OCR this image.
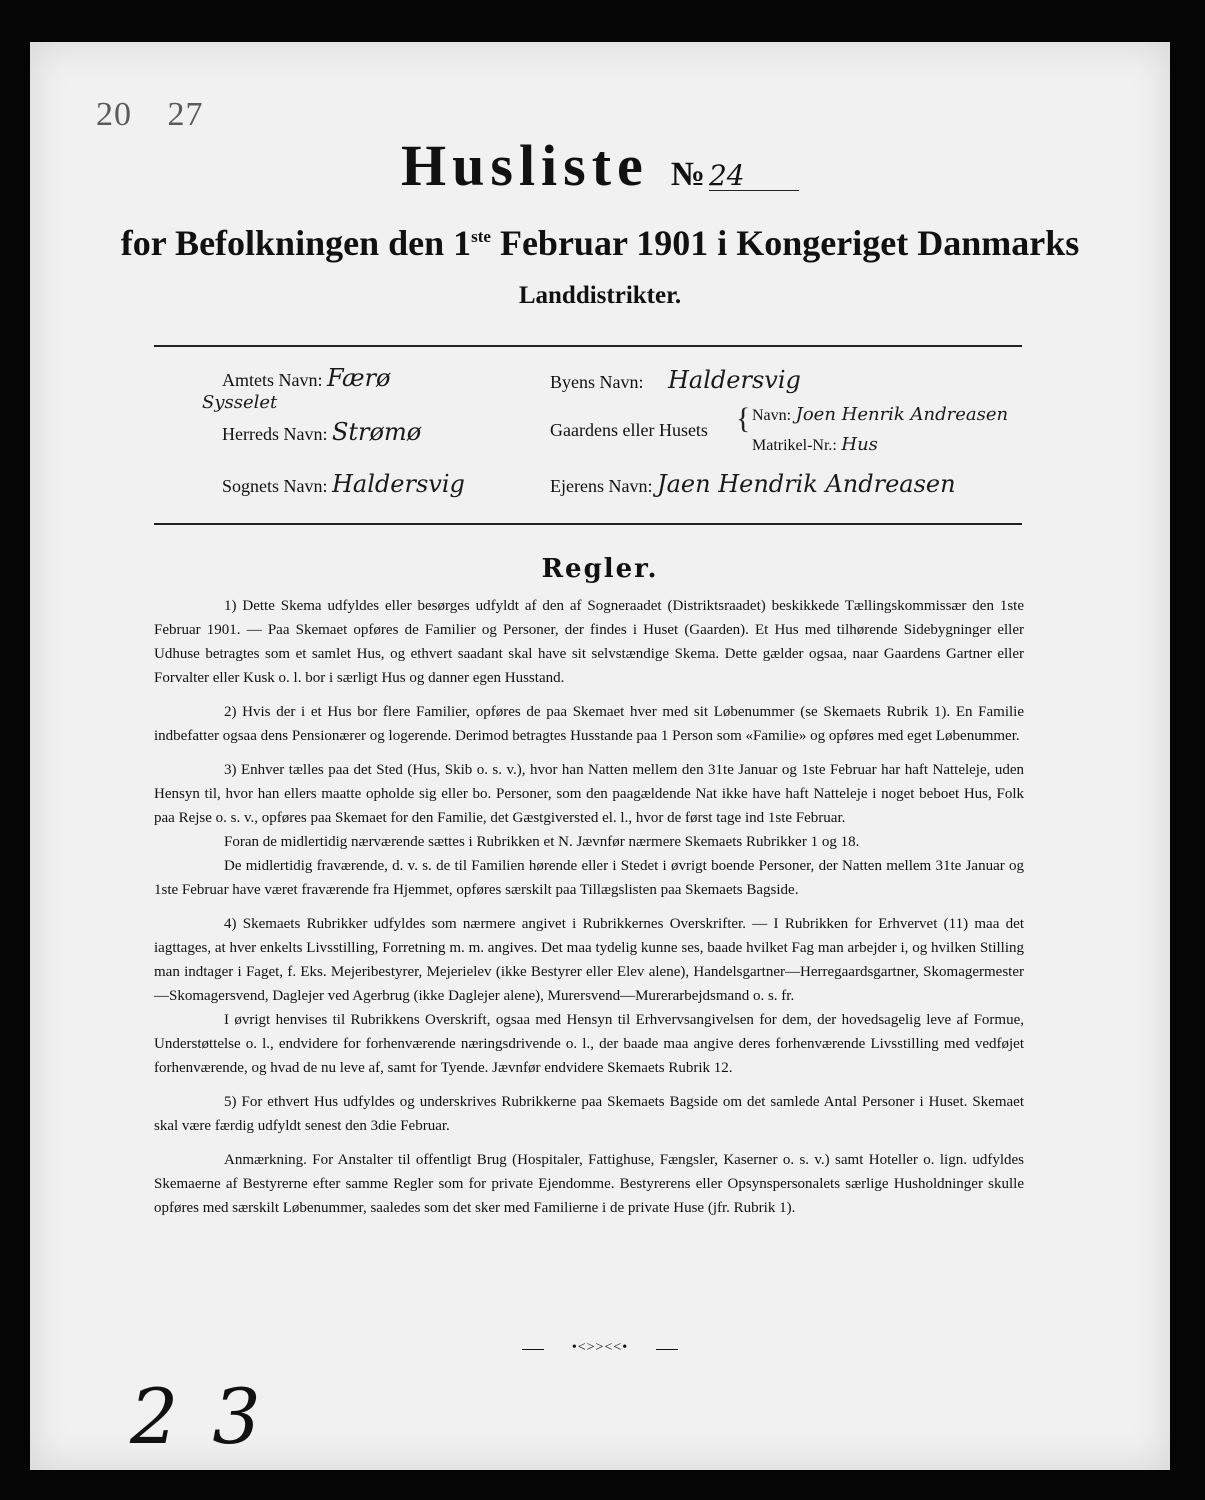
20 27
Husliste № 24
for Befolkningen den 1ste Februar 1901 i Kongeriget Danmarks
Landdistrikter.
Amtets Navn: Færø
Sysselet
Herreds Navn: Strømø
Sognets Navn: Haldersvig
Byens Navn: Haldersvig
Gaardens eller Husets { Navn: Joen Henrik Andreasen
Matrikel-Nr.: Hus
Ejerens Navn: Jaen Hendrik Andreasen
Regler.

1) Dette Skema udfyldes eller besørges udfyldt af den af Sogneraadet (Distriktsraadet) beskikkede Tællingskommissær den 1ste Februar 1901. — Paa Skemaet opføres de Familier og Personer, der findes i Huset (Gaarden). Et Hus med tilhørende Sidebygninger eller Udhuse betragtes som et samlet Hus, og ethvert saadant skal have sit selvstændige Skema. Dette gælder ogsaa, naar Gaardens Gartner eller Forvalter eller Kusk o. l. bor i særligt Hus og danner egen Husstand.

2) Hvis der i et Hus bor flere Familier, opføres de paa Skemaet hver med sit Løbenummer (se Skemaets Rubrik 1). En Familie indbefatter ogsaa dens Pensionærer og logerende. Derimod betragtes Husstande paa 1 Person som «Familie» og opføres med eget Løbenummer.

3) Enhver tælles paa det Sted (Hus, Skib o. s. v.), hvor han Natten mellem den 31te Januar og 1ste Februar har haft Natteleje, uden Hensyn til, hvor han ellers maatte opholde sig eller bo. Personer, som den paagældende Nat ikke have haft Natteleje i noget beboet Hus, Folk paa Rejse o. s. v., opføres paa Skemaet for den Familie, det Gæstgiversted el. l., hvor de først tage ind 1ste Februar.

Foran de midlertidig nærværende sættes i Rubrikken et N. Jævnfør nærmere Skemaets Rubrikker 1 og 18.

De midlertidig fraværende, d. v. s. de til Familien hørende eller i Stedet i øvrigt boende Personer, der Natten mellem 31te Januar og 1ste Februar have været fraværende fra Hjemmet, opføres særskilt paa Tillægslisten paa Skemaets Bagside.

4) Skemaets Rubrikker udfyldes som nærmere angivet i Rubrikkernes Overskrifter. — I Rubrikken for Erhvervet (11) maa det iagttages, at hver enkelts Livsstilling, Forretning m. m. angives. Det maa tydelig kunne ses, baade hvilket Fag man arbejder i, og hvilken Stilling man indtager i Faget, f. Eks. Mejeribestyrer, Mejerielev (ikke Bestyrer eller Elev alene), Handelsgartner—Herregaardsgartner, Skomagermester—Skomagersvend, Daglejer ved Agerbrug (ikke Daglejer alene), Murersvend—Murerarbejdsmand o. s. fr.

I øvrigt henvises til Rubrikkens Overskrift, ogsaa med Hensyn til Erhvervsangivelsen for dem, der hovedsagelig leve af Formue, Understøttelse o. l., endvidere for forhenværende næringsdrivende o. l., der baade maa angive deres forhenværende Livsstilling med vedføjet forhenværende, og hvad de nu leve af, samt for Tyende. Jævnfør endvidere Skemaets Rubrik 12.

5) For ethvert Hus udfyldes og underskrives Rubrikkerne paa Skemaets Bagside om det samlede Antal Personer i Huset. Skemaet skal være færdig udfyldt senest den 3die Februar.

Anmærkning. For Anstalter til offentligt Brug (Hospitaler, Fattighuse, Fængsler, Kaserner o. s. v.) samt Hoteller o. lign. udfyldes Skemaerne af Bestyrerne efter samme Regler som for private Ejendomme. Bestyrerens eller Opsynspersonalets særlige Husholdninger skulle opføres med særskilt Løbenummer, saaledes som det sker med Familierne i de private Huse (jfr. Rubrik 1).

•<>><<•
23
